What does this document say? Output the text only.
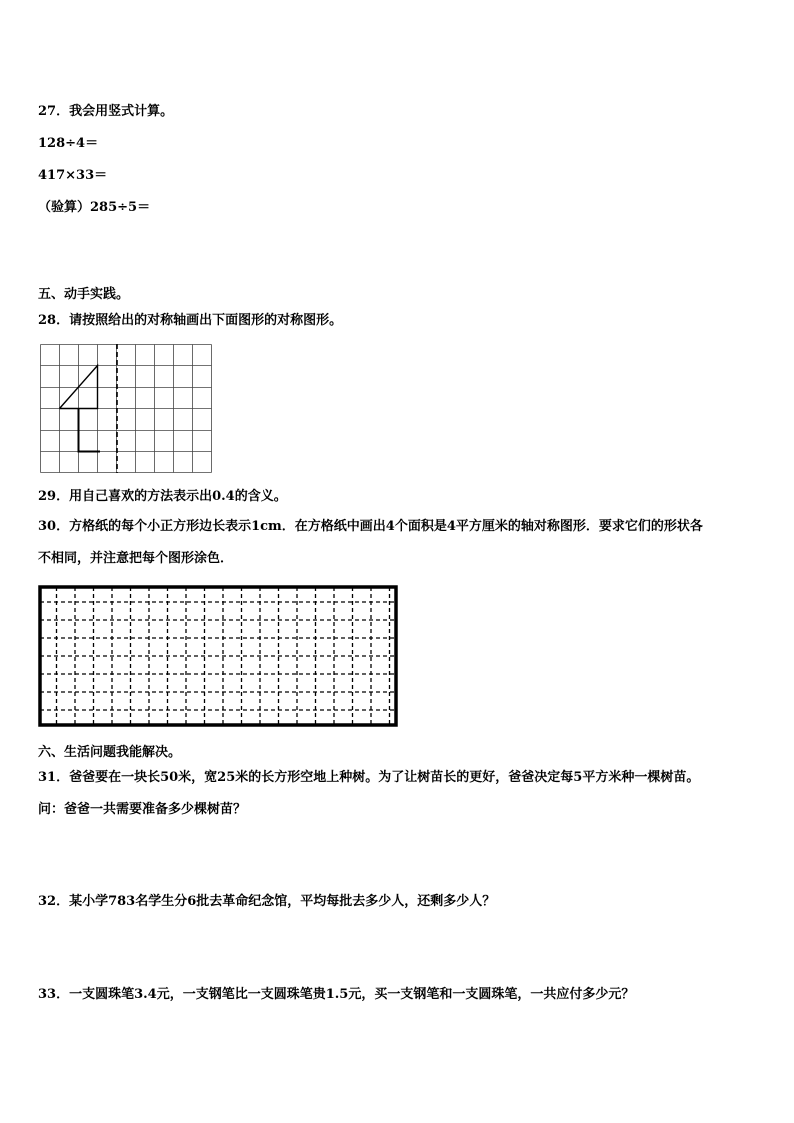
27．我会用竖式计算。
128÷4＝
417×33＝
（验算）285÷5＝
五、动手实践。
28．请按照给出的对称轴画出下面图形的对称图形。
29．用自己喜欢的方法表示出0.4的含义。
30．方格纸的每个小正方形边长表示1cm．在方格纸中画出4个面积是4平方厘米的轴对称图形．要求它们的形状各
不相同，并注意把每个图形涂色．
六、生活问题我能解决。
31．爸爸要在一块长50米，宽25米的长方形空地上种树。为了让树苗长的更好，爸爸决定每5平方米种一棵树苗。
问：爸爸一共需要准备多少棵树苗？
32．某小学783名学生分6批去革命纪念馆，平均每批去多少人，还剩多少人？
33．一支圆珠笔3.4元，一支钢笔比一支圆珠笔贵1.5元，买一支钢笔和一支圆珠笔，一共应付多少元？
